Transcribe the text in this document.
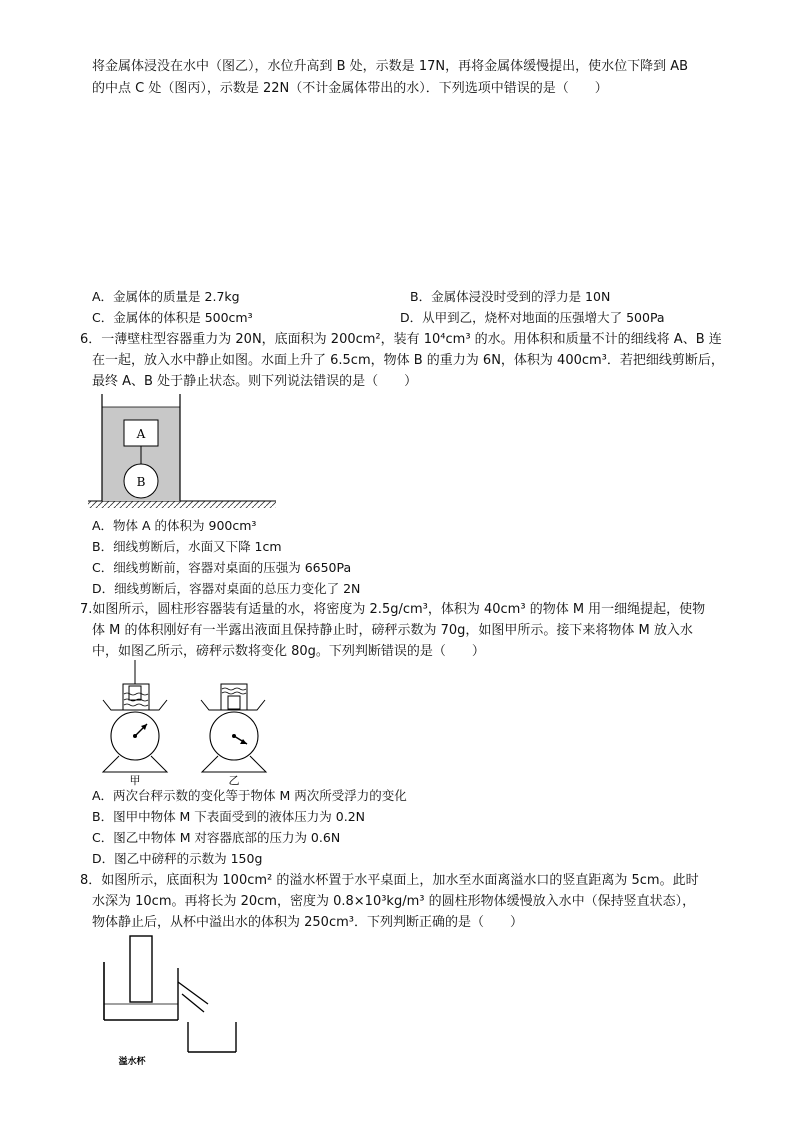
将金属体浸没在水中（图乙），水位升高到 B 处，示数是 17N，再将金属体缓慢提出，使水位下降到 AB
的中点 C 处（图丙），示数是 22N（不计金属体带出的水）．下列选项中错误的是（　　）
A．金属体的质量是 2.7kg	B．金属体浸没时受到的浮力是 10N
C．金属体的体积是 500cm³	D．从甲到乙，烧杯对地面的压强增大了 500Pa
6．一薄壁柱型容器重力为 20N，底面积为 200cm²，装有 10⁴cm³ 的水。用体积和质量不计的细线将 A、B 连
在一起，放入水中静止如图。水面上升了 6.5cm，物体 B 的重力为 6N，体积为 400cm³．若把细线剪断后，
最终 A、B 处于静止状态。则下列说法错误的是（　　）
A
B
A．物体 A 的体积为 900cm³
B．细线剪断后，水面又下降 1cm
C．细线剪断前，容器对桌面的压强为 6650Pa
D．细线剪断后，容器对桌面的总压力变化了 2N
7.如图所示，圆柱形容器装有适量的水，将密度为 2.5g/cm³，体积为 40cm³ 的物体 M 用一细绳提起，使物
体 M 的体积刚好有一半露出液面且保持静止时，磅秤示数为 70g，如图甲所示。接下来将物体 M 放入水
中，如图乙所示，磅秤示数将变化 80g。下列判断错误的是（　　）
甲	乙
A．两次台秤示数的变化等于物体 M 两次所受浮力的变化
B．图甲中物体 M 下表面受到的液体压力为 0.2N
C．图乙中物体 M 对容器底部的压力为 0.6N
D．图乙中磅秤的示数为 150g
8．如图所示，底面积为 100cm² 的溢水杯置于水平桌面上，加水至水面离溢水口的竖直距离为 5cm。此时
水深为 10cm。再将长为 20cm，密度为 0.8×10³kg/m³ 的圆柱形物体缓慢放入水中（保持竖直状态），
物体静止后，从杯中溢出水的体积为 250cm³．下列判断正确的是（　　）
溢水杯
